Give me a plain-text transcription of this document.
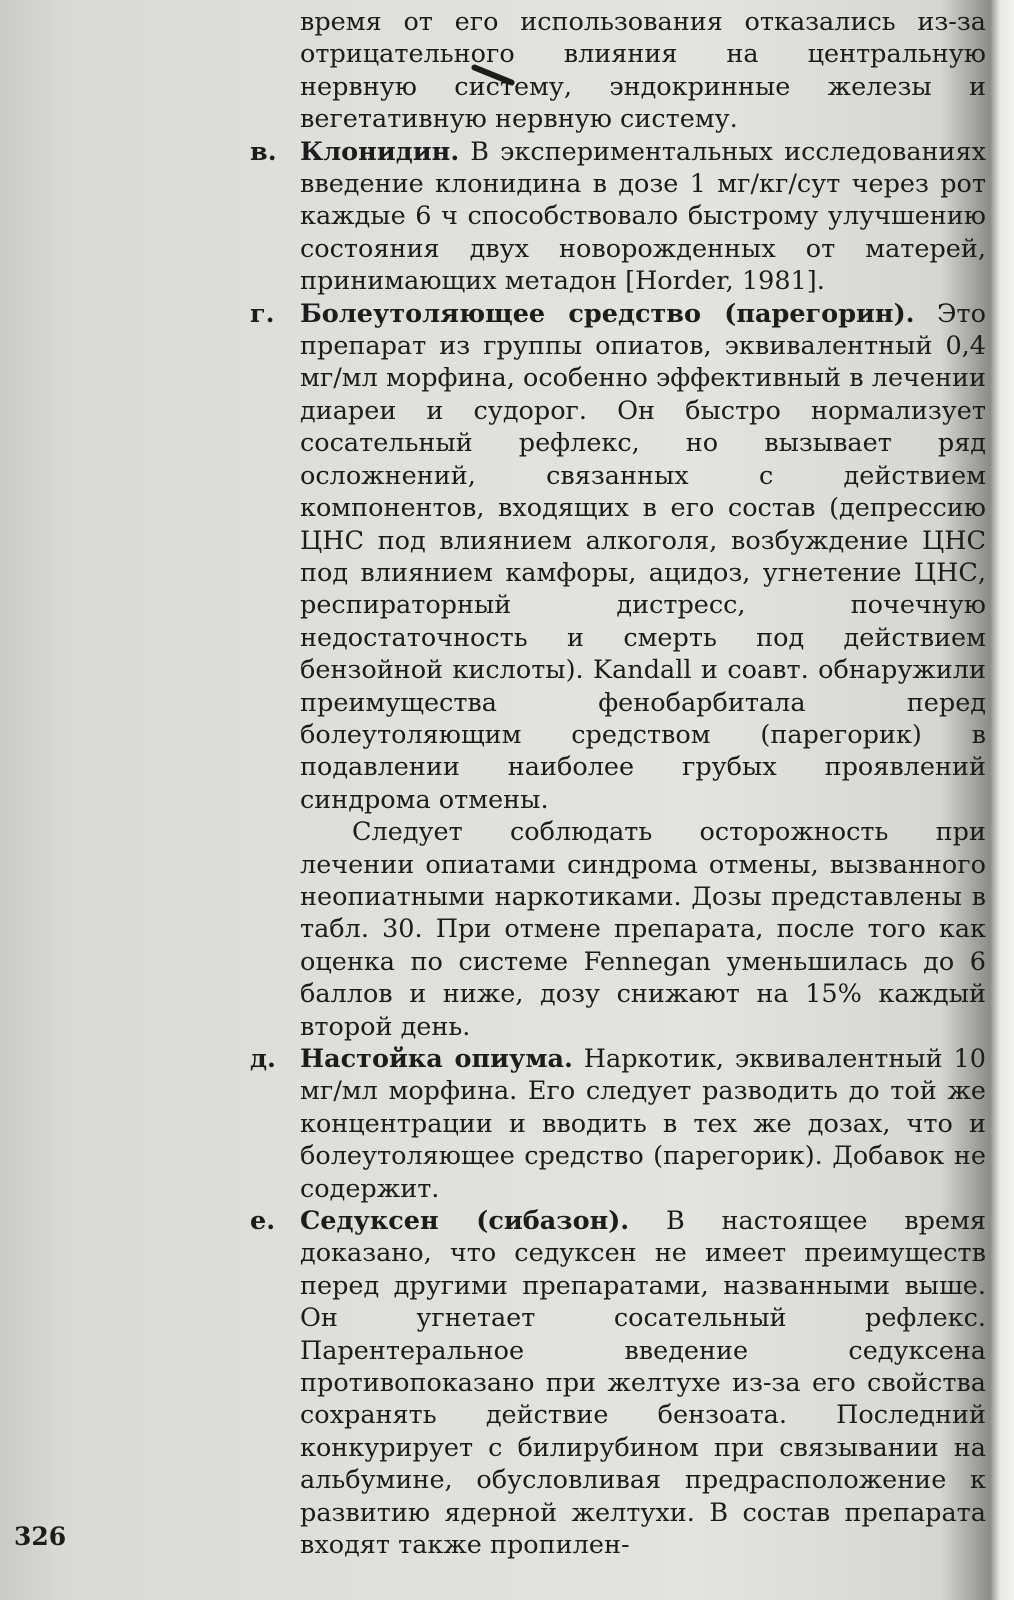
время от его использования отказались из-за отрицательного влияния на центральную нервную систему, эндокринные железы и вегетативную нервную систему.

в. Клонидин. В экспериментальных исследованиях введение клонидина в дозе 1 мг/кг/сут через рот каждые 6 ч способствовало быстрому улучшению состояния двух новорожденных от матерей, принимающих метадон [Horder, 1981].

г. Болеутоляющее средство (парегорин). Это препарат из группы опиатов, эквивалентный 0,4 мг/мл морфина, особенно эффективный в лечении диареи и судорог. Он быстро нормализует сосательный рефлекс, но вызывает ряд осложнений, связанных с действием компонентов, входящих в его состав (депрессию ЦНС под влиянием алкоголя, возбуждение ЦНС под влиянием камфоры, ацидоз, угнетение ЦНС, респираторный дистресс, почечную недостаточность и смерть под действием бензойной кислоты). Kandall и соавт. обнаружили преимущества фенобарбитала перед болеутоляющим средством (парегорик) в подавлении наиболее грубых проявлений синдрома отмены.

Следует соблюдать осторожность при лечении опиатами синдрома отмены, вызванного неопиатными наркотиками. Дозы представлены в табл. 30. При отмене препарата, после того как оценка по системе Fennegan уменьшилась до 6 баллов и ниже, дозу снижают на 15% каждый второй день.

д. Настойка опиума. Наркотик, эквивалентный 10 мг/мл морфина. Его следует разводить до той же концентрации и вводить в тех же дозах, что и болеутоляющее средство (парегорик). Добавок не содержит.

е. Седуксен (сибазон). В настоящее время доказано, что седуксен не имеет преимуществ перед другими препаратами, названными выше. Он угнетает сосательный рефлекс. Парентеральное введение седуксена противопоказано при желтухе из-за его свойства сохранять действие бензоата. Последний конкурирует с билирубином при связывании на альбумине, обусловливая предрасположение к развитию ядерной желтухи. В состав препарата входят также пропилен-

326
